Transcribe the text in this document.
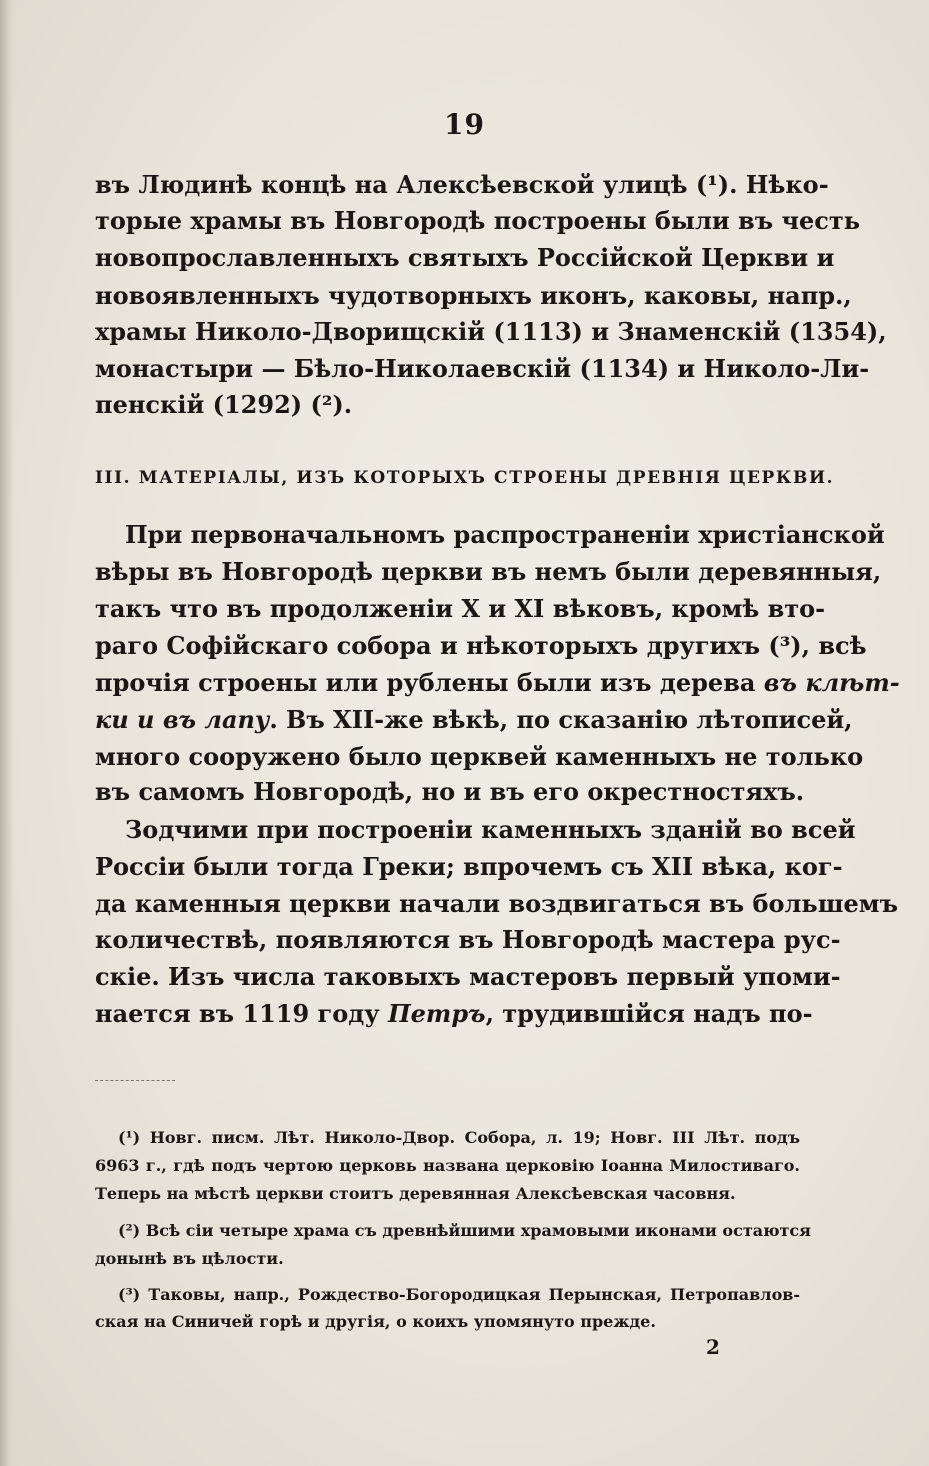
19
въ Людинѣ концѣ на Алексѣевской улицѣ (¹). Нѣко-
торые храмы въ Новгородѣ построены были въ честь
новопрославленныхъ святыхъ Россійской Церкви и
новоявленныхъ чудотворныхъ иконъ, каковы, напр.,
храмы Николо-Дворищскій (1113) и Знаменскій (1354),
монастыри — Бѣло-Николаевскій (1134) и Николо-Ли-
пенскій (1292) (²).
III. МАТЕРІАЛЫ, ИЗЪ КОТОРЫХЪ СТРОЕНЫ ДРЕВНІЯ ЦЕРКВИ.
При первоначальномъ распространеніи христіанской
вѣры въ Новгородѣ церкви въ немъ были деревянныя,
такъ что въ продолженіи X и XI вѣковъ, кромѣ вто-
раго Софійскаго собора и нѣкоторыхъ другихъ (³), всѣ
прочія строены или рублены были изъ дерева въ клѣт-
ки и въ лапу. Въ XII-же вѣкѣ, по сказанію лѣтописей,
много сооружено было церквей каменныхъ не только
въ самомъ Новгородѣ, но и въ его окрестностяхъ.
Зодчими при построеніи каменныхъ зданій во всей
Россіи были тогда Греки; впрочемъ съ XII вѣка, ког-
да каменныя церкви начали воздвигаться въ большемъ
количествѣ, появляются въ Новгородѣ мастера рус-
скіе. Изъ числа таковыхъ мастеровъ первый упоми-
нается въ 1119 году Петръ, трудившійся надъ по-
(¹) Новг. писм. Лѣт. Николо-Двор. Собора, л. 19; Новг. III Лѣт. подъ
6963 г., гдѣ подъ чертою церковь названа церковію Іоанна Милостиваго.
Теперь на мѣстѣ церкви стоитъ деревянная Алексѣевская часовня.
(²) Всѣ сіи четыре храма съ древнѣйшими храмовыми иконами остаются
донынѣ въ цѣлости.
(³) Таковы, напр., Рождество-Богородицкая Перынская, Петропавлов-
ская на Синичей горѣ и другія, о коихъ упомянуто прежде.
2
